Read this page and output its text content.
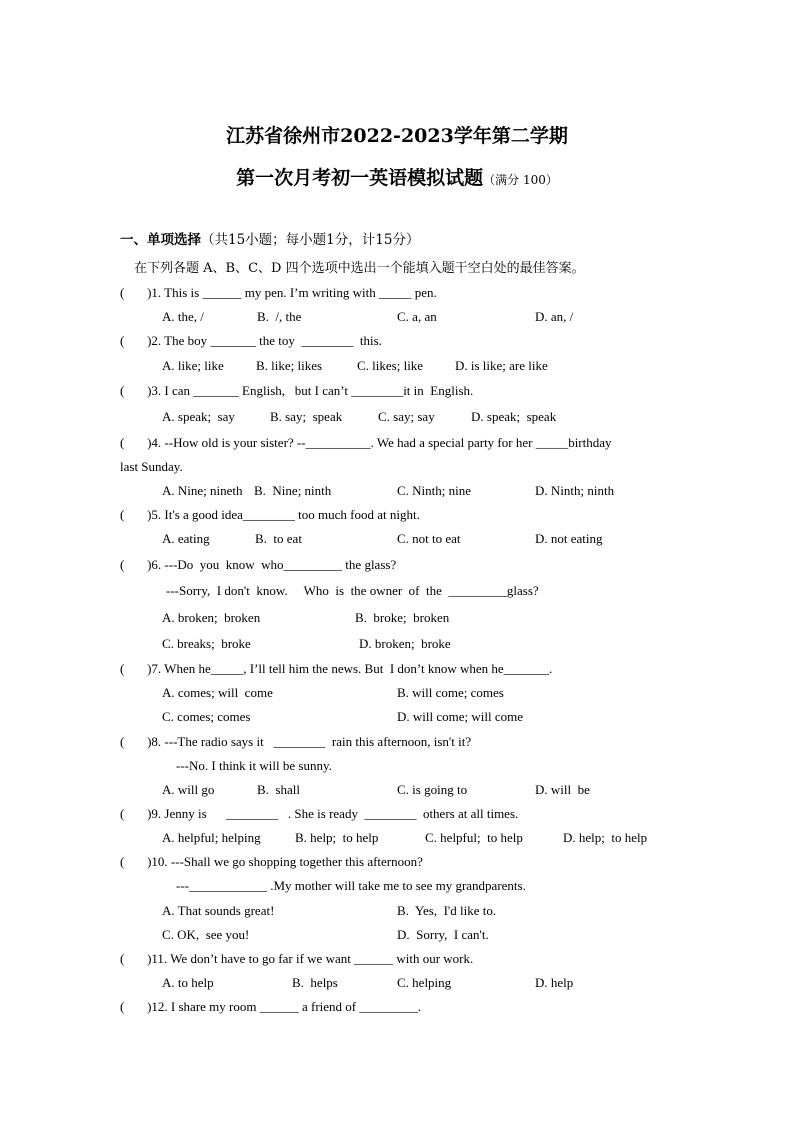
江苏省徐州市2022-2023学年第二学期
第一次月考初一英语模拟试题（满分 100）
一、单项选择（共15小题；每小题1分，计15分）
在下列各题 A、B、C、D 四个选项中选出一个能填入题干空白处的最佳答案。
(       )1. This is ______ my pen. I’m writing with _____ pen.
A. the, /	B.  /, the	C. a, an	D. an, /
(       )2. The boy _______ the toy  ________  this.
A. like; like B. like; likes	C. likes; like D. is like; are like
(       )3. I can _______ English,   but I can’t ________it in  English.
A. speak;  say	B. say;  speak	C. say; say	D. speak;  speak
(       )4. --How old is your sister? --__________. We had a special party for her _____birthday
last Sunday.
A. Nine; nineth B.  Nine; ninth	C. Ninth; nine	D. Ninth; ninth
(       )5. It's a good idea________ too much food at night.
A. eating	B.  to eat	C. not to eat	D. not eating
(       )6. ---Do  you  know  who_________ the glass?
---Sorry,  I don't  know.     Who  is  the owner  of  the  _________glass?
A. broken;  broken	B.  broke;  broken
C. breaks;  broke	D. broken;  broke
(       )7. When he_____, I’ll tell him the news. But  I don’t know when he_______.
A. comes; will  come	B. will come; comes
C. comes; comes	D. will come; will come
(       )8. ---The radio says it   ________  rain this afternoon, isn't it?
---No. I think it will be sunny.
A. will go	B.  shall	C. is going to	D. will  be
(       )9. Jenny is      ________   . She is ready  ________  others at all times.
A. helpful; helping	B. help;  to help	C. helpful;  to help	D. help;  to help
(       )10. ---Shall we go shopping together this afternoon?
---____________ .My mother will take me to see my grandparents.
A. That sounds great!	B.  Yes,  I'd like to.
C. OK,  see you!	D.  Sorry,  I can't.
(       )11. We don’t have to go far if we want ______ with our work.
A. to help	B.  helps	C. helping	D. help
(       )12. I share my room ______ a friend of _________.
